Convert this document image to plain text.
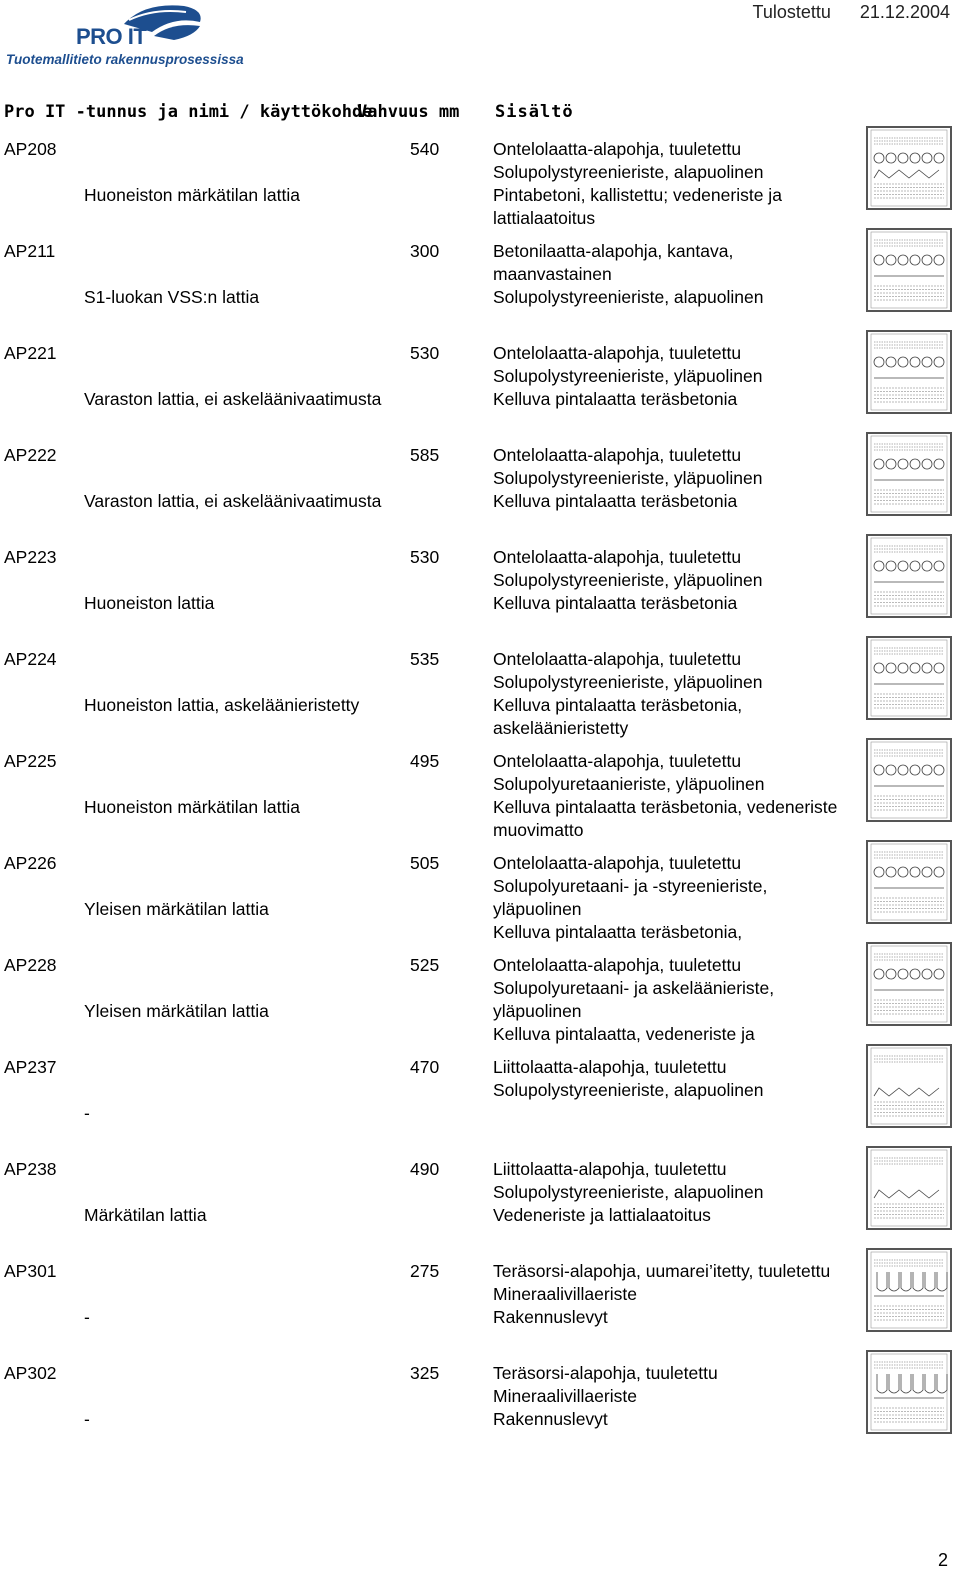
PRO IT
Tuotemallitieto rakennusprosessissa
Tulostettu 21.12.2004
Pro IT -tunnus ja nimi / käyttökohde
Vahvuus mm Sisältö
AP208
Huoneiston märkätilan lattia
540	Ontelolaatta-alapohja, tuuletettu
Solupolystyreenieriste, alapuolinen
Pintabetoni, kallistettu; vedeneriste ja lattialaatoitus
AP211
S1-luokan VSS:n lattia
300	Betonilaatta-alapohja, kantava, maanvastainen
Solupolystyreenieriste, alapuolinen
AP221
Varaston lattia, ei askeläänivaatimusta
530	Ontelolaatta-alapohja, tuuletettu
Solupolystyreenieriste, yläpuolinen
Kelluva pintalaatta teräsbetonia
AP222
Varaston lattia, ei askeläänivaatimusta
585	Ontelolaatta-alapohja, tuuletettu
Solupolystyreenieriste, yläpuolinen
Kelluva pintalaatta teräsbetonia
AP223
Huoneiston lattia
530	Ontelolaatta-alapohja, tuuletettu
Solupolystyreenieriste, yläpuolinen
Kelluva pintalaatta teräsbetonia
AP224
Huoneiston lattia, askeläänieristetty
535	Ontelolaatta-alapohja, tuuletettu
Solupolystyreenieriste, yläpuolinen
Kelluva pintalaatta teräsbetonia, askeläänieristetty
AP225
Huoneiston märkätilan lattia
495	Ontelolaatta-alapohja, tuuletettu
Solupolyuretaanieriste, yläpuolinen
Kelluva pintalaatta teräsbetonia, vedeneriste muovimatto
AP226
Yleisen märkätilan lattia
505	Ontelolaatta-alapohja, tuuletettu
Solupolyuretaani- ja -styreenieriste, yläpuolinen
Kelluva pintalaatta teräsbetonia,
AP228
Yleisen märkätilan lattia
525	Ontelolaatta-alapohja, tuuletettu
Solupolyuretaani- ja askeläänieriste, yläpuolinen
Kelluva pintalaatta, vedeneriste ja
AP237
-
470	Liittolaatta-alapohja, tuuletettu
Solupolystyreenieriste, alapuolinen
AP238
Märkätilan lattia
490	Liittolaatta-alapohja, tuuletettu
Solupolystyreenieriste, alapuolinen
Vedeneriste ja lattialaatoitus
AP301
-
275	Teräsorsi-alapohja, uumarei’itetty, tuuletettu
Mineraalivillaeriste
Rakennuslevyt
AP302
-
325	Teräsorsi-alapohja, tuuletettu
Mineraalivillaeriste
Rakennuslevyt
2
